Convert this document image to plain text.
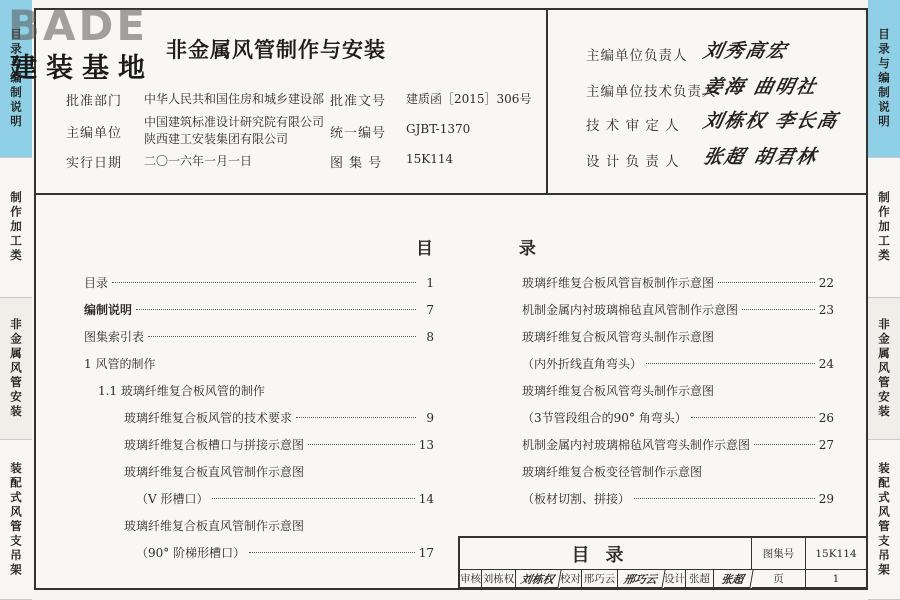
目录与编制说明
制作加工类
非金属风管安装
装配式风管支吊架
目录与编制说明
制作加工类
非金属风管安装
装配式风管支吊架
非金属风管制作与安装
批准部门	中华人民共和国住房和城乡建设部 批准文号 建质函［2015］306号
主编单位
中国建筑标准设计研究院有限公司
陕西建工安装集团有限公司	统一编号 GJBT-1370
实行日期	二〇一六年一月一日	图 集 号 15K114
主编单位负责人 刘秀高宏
主编单位技术负责人
姜海 曲明社
技 术 审 定 人 刘栋权 李长高
设 计 负 责 人 张超 胡君林
目 录
目录	1
编制说明	7
图集索引表	8
1 风管的制作
1.1 玻璃纤维复合板风管的制作
玻璃纤维复合板风管的技术要求	9
玻璃纤维复合板槽口与拼接示意图	13
玻璃纤维复合板直风管制作示意图
（V 形槽口）	14
玻璃纤维复合板直风管制作示意图
（90° 阶梯形槽口）	17
玻璃纤维复合板风管盲板制作示意图	22
机制金属内衬玻璃棉毡直风管制作示意图	23
玻璃纤维复合板风管弯头制作示意图
（内外折线直角弯头）	24
玻璃纤维复合板风管弯头制作示意图
（3节管段组合的90° 角弯头）	26
机制金属内衬玻璃棉毡风管弯头制作示意图	27
玻璃纤维复合板变径管制作示意图
（板材切割、拼接）	29
目录	图集号	15K114
审核 刘栋权 刘栋权 校对 邢巧云 邢巧云 设计 张超 张超	页	1
BADE
建装基地
